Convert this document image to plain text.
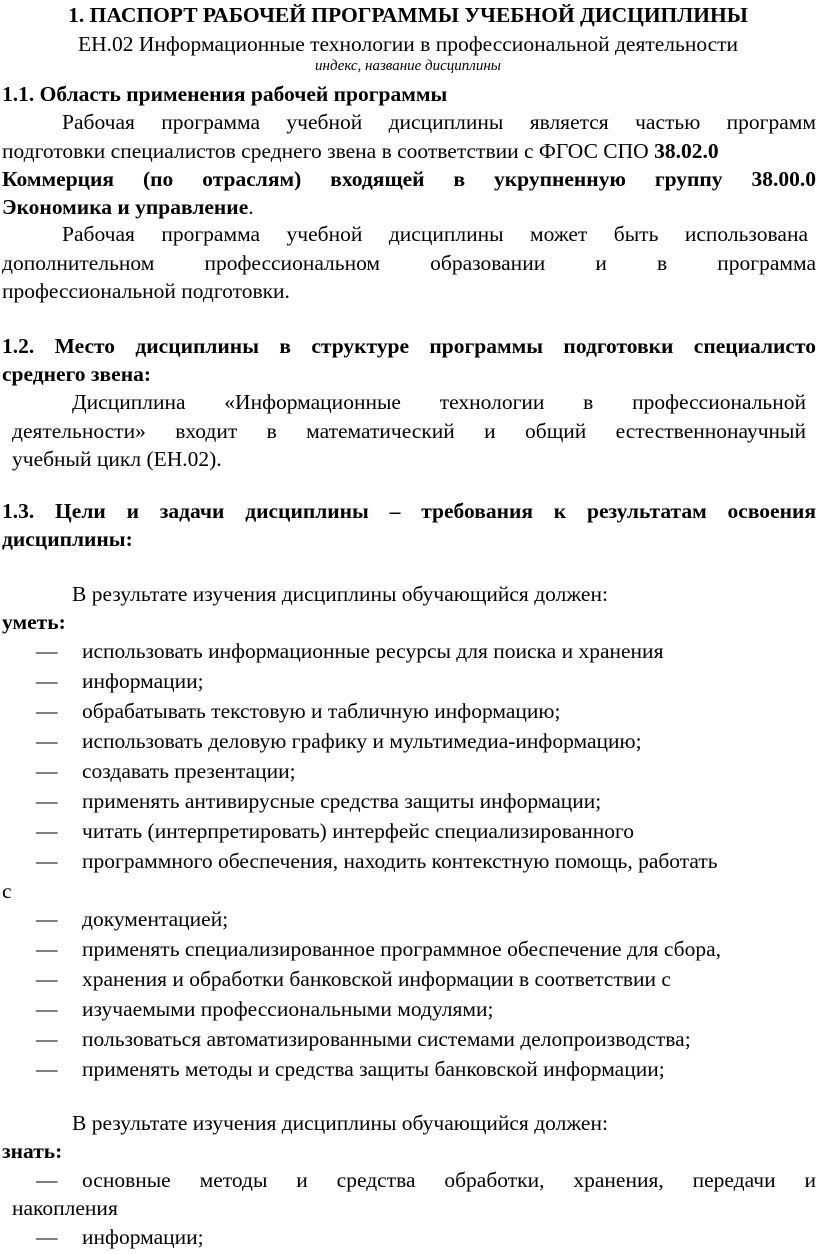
1. ПАСПОРТ РАБОЧЕЙ ПРОГРАММЫ УЧЕБНОЙ ДИСЦИПЛИНЫ
ЕН.02 Информационные технологии в профессиональной деятельности
индекс, название дисциплины
1.1. Область применения рабочей программы
Рабочая программа учебной дисциплины является частью программ
подготовки специалистов среднего звена в соответствии с ФГОС СПО 38.02.0
Коммерция (по отраслям) входящей в укрупненную группу 38.00.0
Экономика и управление.
Рабочая программа учебной дисциплины может быть использована
дополнительном профессиональном образовании и в программа
профессиональной подготовки.
1.2. Место дисциплины в структуре программы подготовки специалисто
среднего звена:
Дисциплина «Информационные технологии в профессиональной
деятельности» входит в математический и общий естественнонаучный
учебный цикл (ЕН.02).
1.3. Цели и задачи дисциплины – требования к результатам освоения
дисциплины:
В результате изучения дисциплины обучающийся должен:
уметь:
— использовать информационные ресурсы для поиска и хранения
— информации;
— обрабатывать текстовую и табличную информацию;
— использовать деловую графику и мультимедиа-информацию;
— создавать презентации;
— применять антивирусные средства защиты информации;
— читать (интерпретировать) интерфейс специализированного
— программного обеспечения, находить контекстную помощь, работать
с
— документацией;
— применять специализированное программное обеспечение для сбора,
— хранения и обработки банковской информации в соответствии с
— изучаемыми профессиональными модулями;
— пользоваться автоматизированными системами делопроизводства;
— применять методы и средства защиты банковской информации;
В результате изучения дисциплины обучающийся должен:
знать:
— основные методы и средства обработки, хранения, передачи и
накопления
— информации;
